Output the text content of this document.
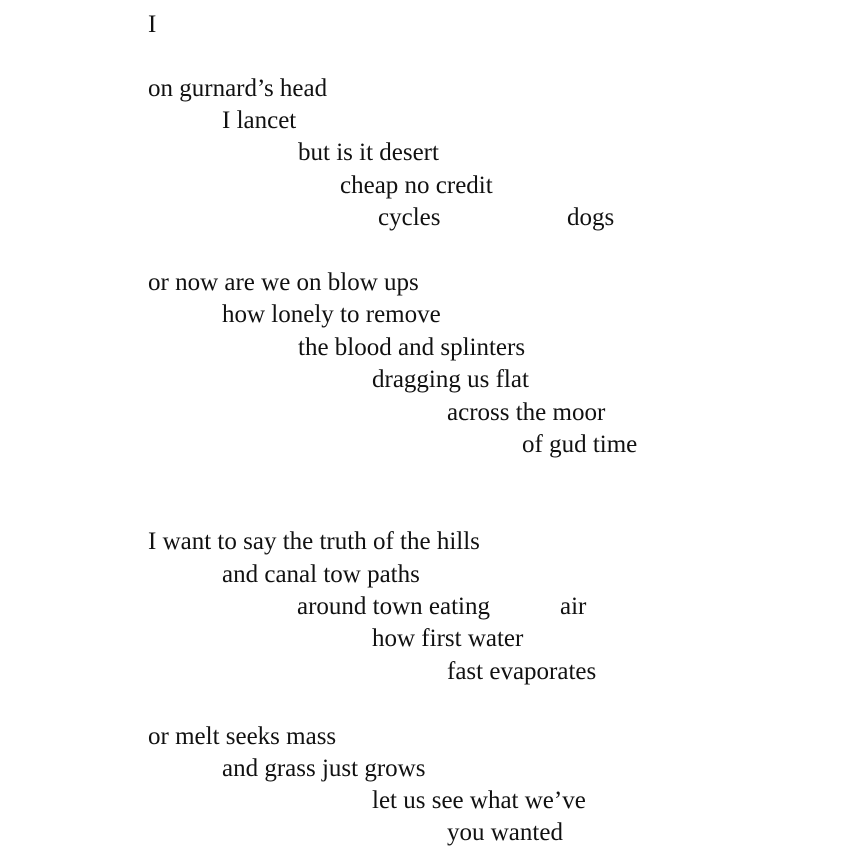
I
on gurnard’s head
I lancet
but is it desert
cheap no credit
cycles	dogs
or now are we on blow ups
how lonely to remove
the blood and splinters
dragging us flat
across the moor
of gud time
I want to say the truth of the hills
and canal tow paths
around town eating	air
how first water
fast evaporates
or melt seeks mass
and grass just grows
let us see what we’ve
you wanted
